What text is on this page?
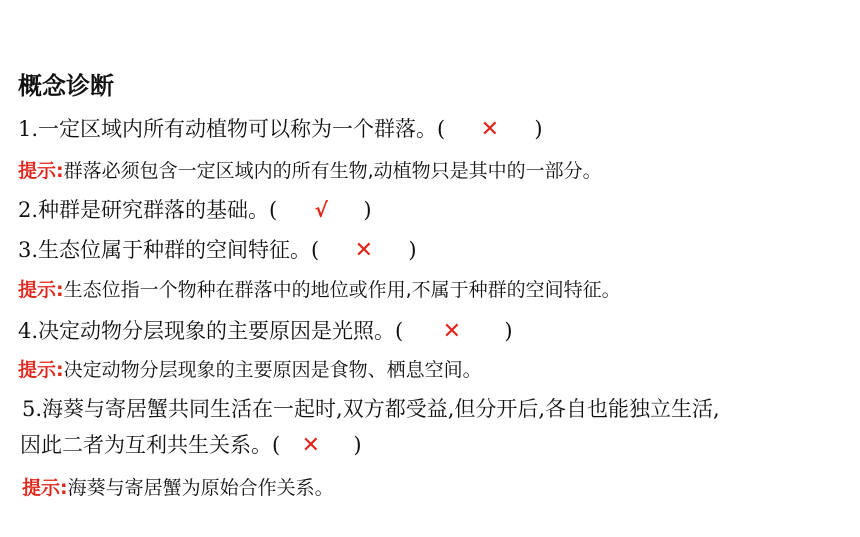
概念诊断
1.一定区域内所有动植物可以称为一个群落。( ✕ )
提示:群落必须包含一定区域内的所有生物,动植物只是其中的一部分。
2.种群是研究群落的基础。( √ )
3.生态位属于种群的空间特征。( ✕ )
提示:生态位指一个物种在群落中的地位或作用,不属于种群的空间特征。
4.决定动物分层现象的主要原因是光照。( ✕ )
提示:决定动物分层现象的主要原因是食物、栖息空间。
5.海葵与寄居蟹共同生活在一起时,双方都受益,但分开后,各自也能独立生活,
因此二者为互利共生关系。( ✕ )
提示:海葵与寄居蟹为原始合作关系。
